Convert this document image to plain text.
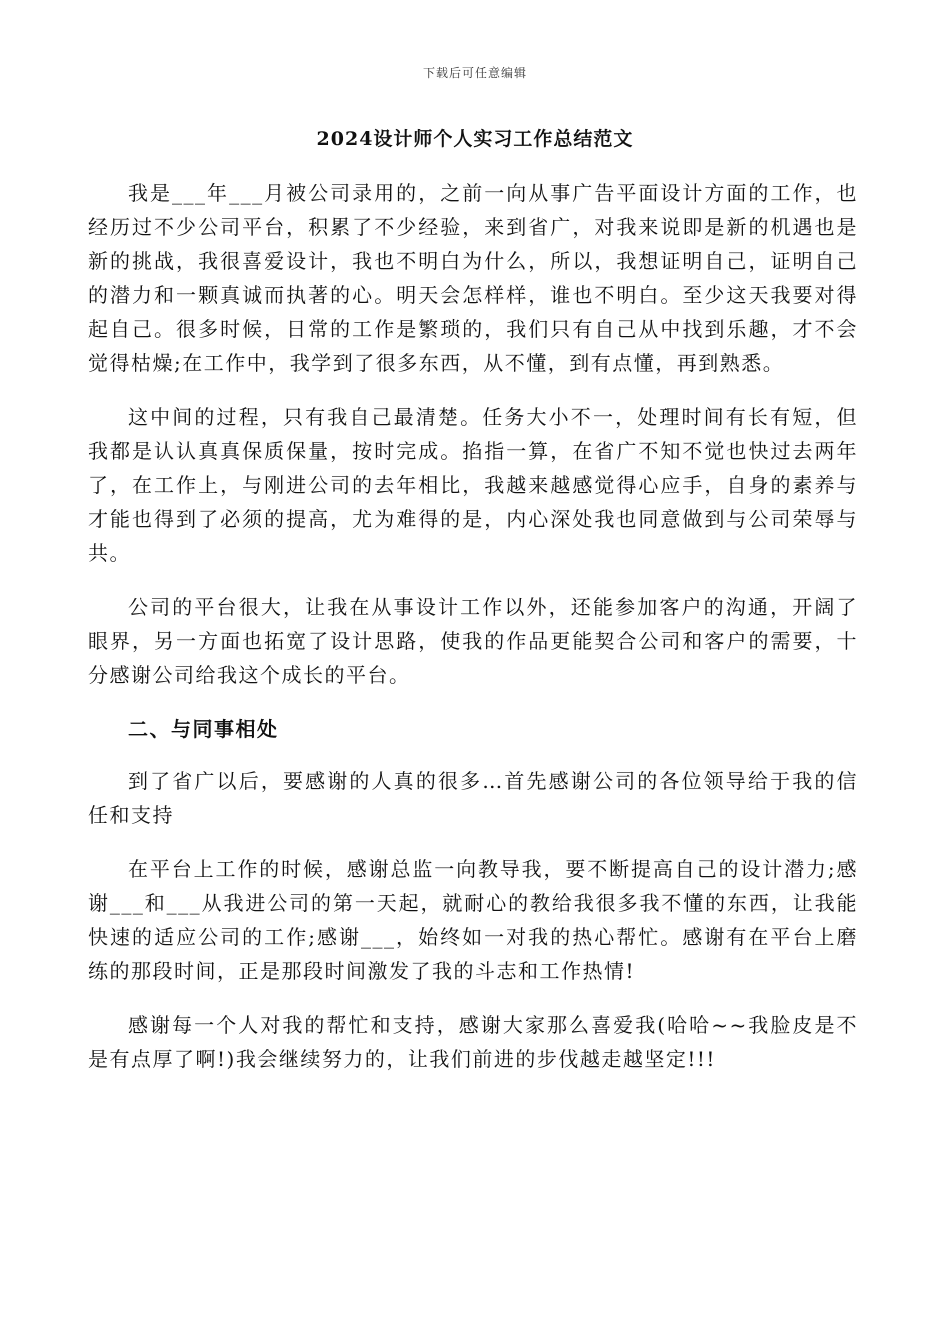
下载后可任意编辑
2024设计师个人实习工作总结范文

我是___年___月被公司录用的，之前一向从事广告平面设计方面的工作，也经历过不少公司平台，积累了不少经验，来到省广，对我来说即是新的机遇也是新的挑战，我很喜爱设计，我也不明白为什么，所以，我想证明自己，证明自己的潜力和一颗真诚而执著的心。明天会怎样样，谁也不明白。至少这天我要对得起自己。很多时候，日常的工作是繁琐的，我们只有自己从中找到乐趣，才不会觉得枯燥;在工作中，我学到了很多东西，从不懂，到有点懂，再到熟悉。

这中间的过程，只有我自己最清楚。任务大小不一，处理时间有长有短，但我都是认认真真保质保量，按时完成。掐指一算，在省广不知不觉也快过去两年了，在工作上，与刚进公司的去年相比，我越来越感觉得心应手，自身的素养与才能也得到了必须的提高，尤为难得的是，内心深处我也同意做到与公司荣辱与共。

公司的平台很大，让我在从事设计工作以外，还能参加客户的沟通，开阔了眼界，另一方面也拓宽了设计思路，使我的作品更能契合公司和客户的需要，十分感谢公司给我这个成长的平台。

二、与同事相处

到了省广以后，要感谢的人真的很多…首先感谢公司的各位领导给于我的信任和支持

在平台上工作的时候，感谢总监一向教导我，要不断提高自己的设计潜力;感谢___和___从我进公司的第一天起，就耐心的教给我很多我不懂的东西，让我能快速的适应公司的工作;感谢___，始终如一对我的热心帮忙。感谢有在平台上磨练的那段时间，正是那段时间激发了我的斗志和工作热情!

感谢每一个人对我的帮忙和支持，感谢大家那么喜爱我(哈哈~~我脸皮是不是有点厚了啊!)我会继续努力的，让我们前进的步伐越走越坚定!!!
